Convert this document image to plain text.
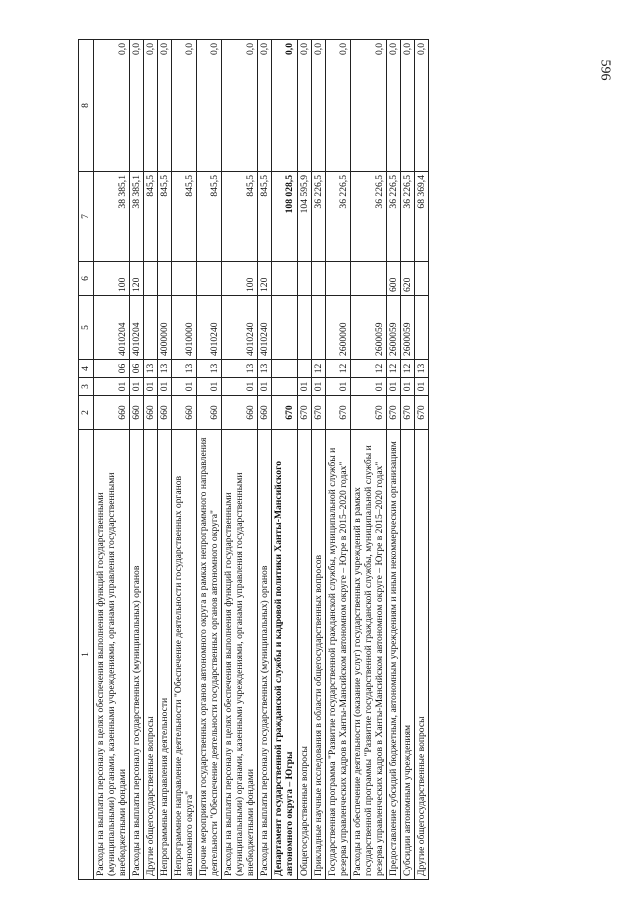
596
1	2	3	4	5	6	7	8
Расходы на выплаты персоналу в целях обеспечения выполнения функций государственными (муниципальными) органами, казенными учреждениями, органами управления государственными внебюджетными фондами	660	01	06	4010204	100	38 385,1	0,0
Расходы на выплаты персоналу государственных (муниципальных) органов	660	01	06	4010204	120	38 385,1	0,0
Другие общегосударственные вопросы	660	01	13			845,5	0,0
Непрограммные направления деятельности	660	01	13	4000000		845,5	0,0
Непрограммное направление деятельности "Обеспечение деятельности государственных органов автономного округа"	660	01	13	4010000		845,5	0,0
Прочие мероприятия государственных органов автономного округа в рамках непрограммного направления деятельности "Обеспечение деятельности государственных органов автономного округа"	660	01	13	4010240		845,5	0,0
Расходы на выплаты персоналу в целях обеспечения выполнения функций государственными (муниципальными) органами, казенными учреждениями, органами управления государственными внебюджетными фондами	660	01	13	4010240	100	845,5	0,0
Расходы на выплаты персоналу государственных (муниципальных) органов	660	01	13	4010240	120	845,5	0,0
Департамент государственной гражданской службы и кадровой политики Ханты-Мансийского автономного округа – Югры	670					108 028,5	0,0
Общегосударственные вопросы	670	01				104 595,9	0,0
Прикладные научные исследования в области общегосударственных вопросов	670	01	12			36 226,5	0,0
Государственная программа "Развитие государственной гражданской службы, муниципальной службы и резерва управленческих кадров в Ханты-Мансийском автономном округе – Югре в 2015–2020 годах"	670	01	12	2600000		36 226,5	0,0
Расходы на обеспечение деятельности (оказание услуг) государственных учреждений в рамках государственной программы "Развитие государственной гражданской службы, муниципальной службы и резерва управленческих кадров в Ханты-Мансийском автономном округе – Югре в 2015–2020 годах"	670	01	12	2600059		36 226,5	0,0
Предоставление субсидий бюджетным, автономным учреждениям и иным некоммерческим организациям	670	01	12	2600059	600	36 226,5	0,0
Субсидии автономным учреждениям	670	01	12	2600059	620	36 226,5	0,0
Другие общегосударственные вопросы	670	01	13			68 369,4	0,0
